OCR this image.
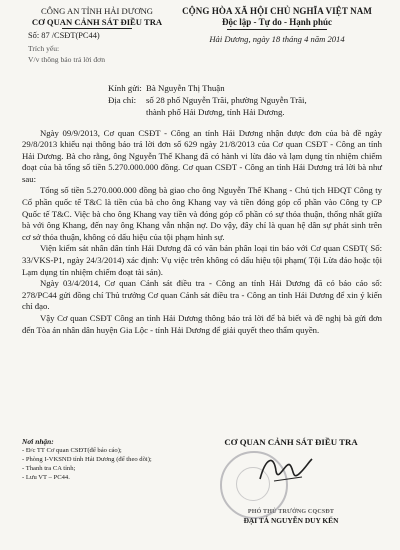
CÔNG AN TỈNH HẢI DƯƠNG
CƠ QUAN CẢNH SÁT ĐIỀU TRA
Số: 87 /CSĐT(PC44)
Trích yếu:
V/v thông báo trả lời đơn
CỘNG HÒA XÃ HỘI CHỦ NGHĨA VIỆT NAM
Độc lập - Tự do - Hạnh phúc
Hải Dương, ngày 18 tháng 4 năm 2014
Kính gửi: Bà Nguyễn Thị Thuận
Địa chỉ: số 28 phố Nguyễn Trãi, phường Nguyễn Trãi,
thành phố Hải Dương, tỉnh Hải Dương.

Ngày 09/9/2013, Cơ quan CSĐT - Công an tỉnh Hải Dương nhận được đơn của bà đề ngày 29/8/2013 khiếu nại thông báo trả lời đơn số 629 ngày 21/8/2013 của Cơ quan CSĐT - Công an tỉnh Hải Dương. Bà cho rằng, ông Nguyễn Thế Khang đã có hành vi lừa đảo và lạm dụng tín nhiệm chiếm đoạt của bà tổng số tiền 5.270.000.000 đồng. Cơ quan CSĐT - Công an tỉnh Hải Dương trả lời bà như sau:

Tổng số tiền 5.270.000.000 đồng bà giao cho ông Nguyễn Thế Khang - Chủ tịch HĐQT Công ty Cổ phần quốc tế T&C là tiền của bà cho ông Khang vay và tiền đóng góp cổ phần vào Công ty CP Quốc tế T&C. Việc bà cho ông Khang vay tiền và đóng góp cổ phần có sự thỏa thuận, thống nhất giữa bà với ông Khang, đến nay ông Khang vẫn nhận nợ. Do vậy, đây chỉ là quan hệ dân sự phát sinh trên cơ sở thỏa thuận, không có dấu hiệu của tội phạm hình sự.

Viện kiểm sát nhân dân tỉnh Hải Dương đã có văn bản phân loại tin báo với Cơ quan CSĐT( Số: 33/VKS-P1, ngày 24/3/2014) xác định: Vụ việc trên không có dấu hiệu tội phạm( Tội Lừa đảo hoặc tội Lạm dụng tín nhiệm chiếm đoạt tài sản).

Ngày 03/4/2014, Cơ quan Cảnh sát điều tra - Công an tỉnh Hải Dương đã có báo cáo số: 278/PC44 gửi đồng chí Thủ trưởng Cơ quan Cảnh sát điều tra - Công an tỉnh Hải Dương để xin ý kiến chỉ đạo.

Vậy Cơ quan CSĐT Công an tỉnh Hải Dương thông báo trả lời để bà biết và đề nghị bà gửi đơn đến Tòa án nhân dân huyện Gia Lộc - tỉnh Hải Dương để giải quyết theo thẩm quyền.

Nơi nhận:
- Đ/c TT Cơ quan CSĐT(để báo cáo);
- Phòng I-VKSND tỉnh Hải Dương (để theo dõi);
- Thanh tra CA tỉnh;
- Lưu VT – PC44.
CƠ QUAN CẢNH SÁT ĐIỀU TRA
PHÓ THỦ TRƯỞNG CQCSĐT
ĐẠI TÁ NGUYỄN DUY KẾN
